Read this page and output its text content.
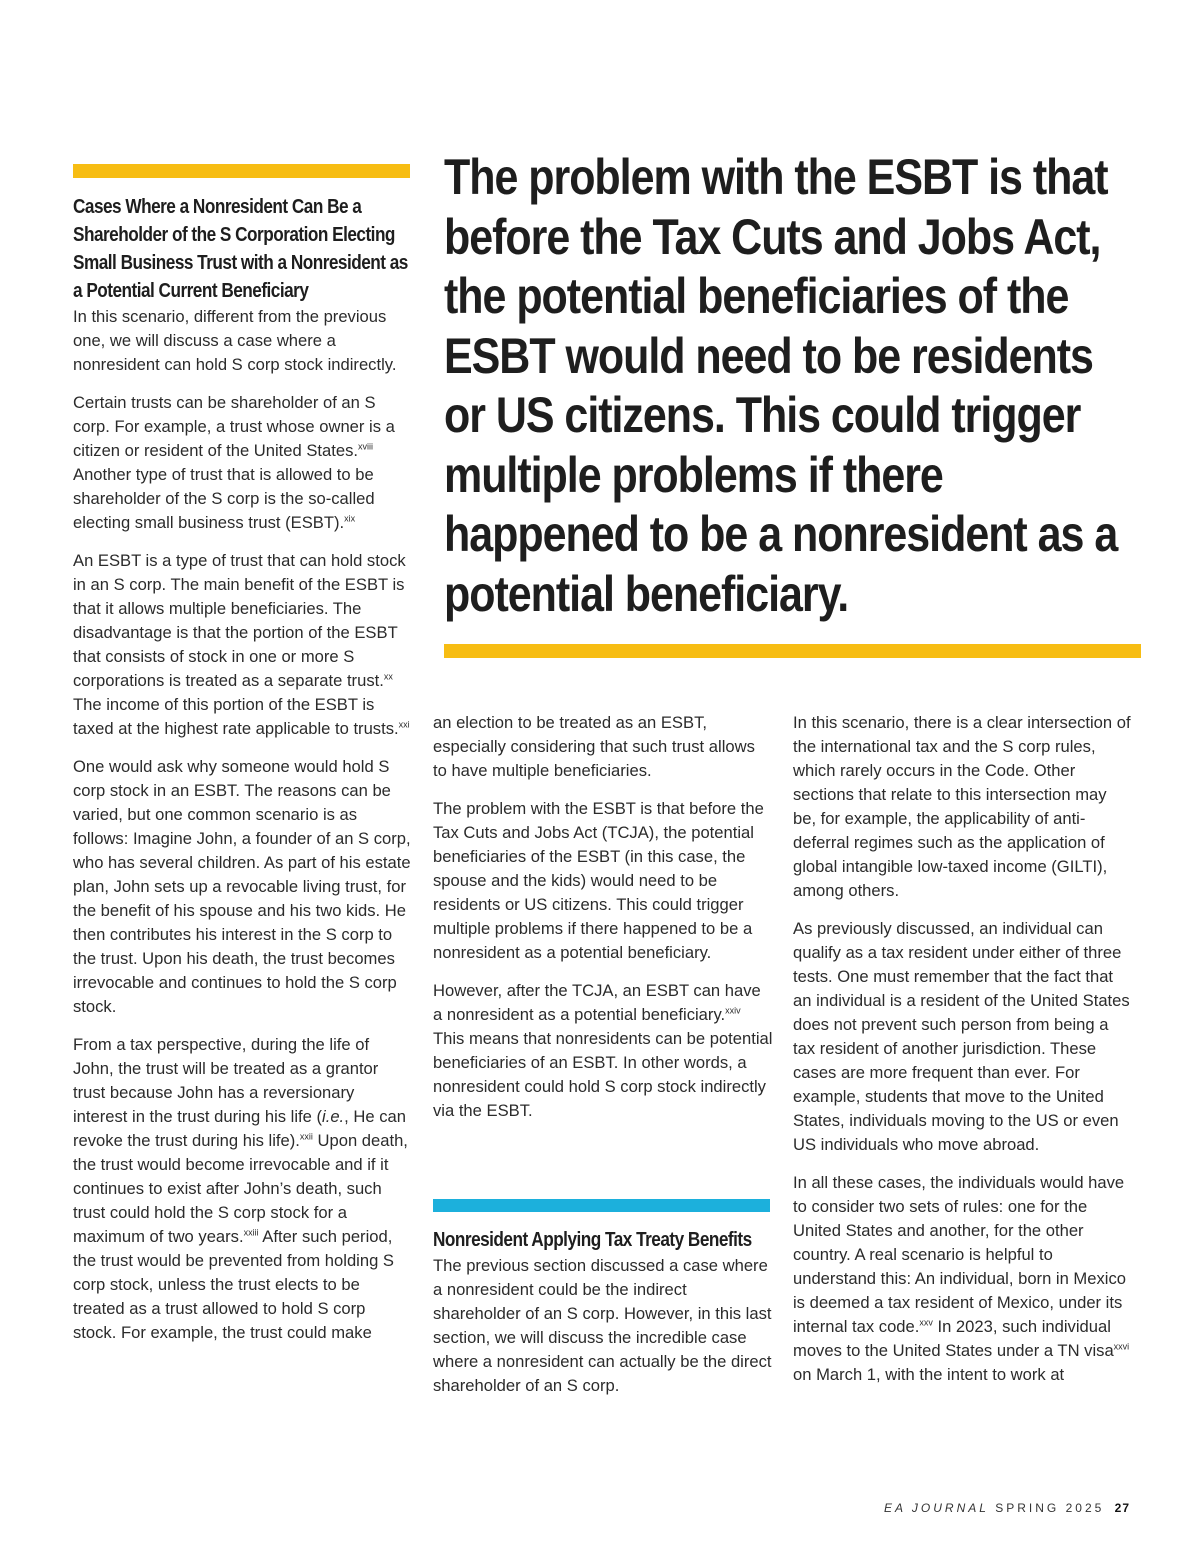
Cases Where a Nonresident Can Be a Shareholder of the S Corporation Electing Small Business Trust with a Nonresident as a Potential Current Beneficiary

In this scenario, different from the previous one, we will discuss a case where a nonresident can hold S corp stock indirectly.

Certain trusts can be shareholder of an S corp. For example, a trust whose owner is a citizen or resident of the United States.$^{xviii}$ Another type of trust that is allowed to be shareholder of the S corp is the so-called electing small business trust (ESBT).$^{xix}$

An ESBT is a type of trust that can hold stock in an S corp. The main benefit of the ESBT is that it allows multiple beneficiaries. The disadvantage is that the portion of the ESBT that consists of stock in one or more S corporations is treated as a separate trust.$^{xx}$ The income of this portion of the ESBT is taxed at the highest rate applicable to trusts.$^{xxi}$

One would ask why someone would hold S corp stock in an ESBT. The reasons can be varied, but one common scenario is as follows: Imagine John, a founder of an S corp, who has several children. As part of his estate plan, John sets up a revocable living trust, for the benefit of his spouse and his two kids. He then contributes his interest in the S corp to the trust. Upon his death, the trust becomes irrevocable and continues to hold the S corp stock.

From a tax perspective, during the life of John, the trust will be treated as a grantor trust because John has a reversionary interest in the trust during his life (i.e., He can revoke the trust during his life).$^{xxii}$ Upon death, the trust would become irrevocable and if it continues to exist after John’s death, such trust could hold the S corp stock for a maximum of two years.$^{xxiii}$ After such period, the trust would be prevented from holding S corp stock, unless the trust elects to be treated as a trust allowed to hold S corp stock. For example, the trust could make

The problem with the ESBT is that before the Tax Cuts and Jobs Act, the potential beneficiaries of the ESBT would need to be residents or US citizens. This could trigger multiple problems if there happened to be a nonresident as a potential beneficiary.

an election to be treated as an ESBT, especially considering that such trust allows to have multiple beneficiaries.

The problem with the ESBT is that before the Tax Cuts and Jobs Act (TCJA), the potential beneficiaries of the ESBT (in this case, the spouse and the kids) would need to be residents or US citizens. This could trigger multiple problems if there happened to be a nonresident as a potential beneficiary.

However, after the TCJA, an ESBT can have a nonresident as a potential beneficiary.$^{xxiv}$ This means that nonresidents can be potential beneficiaries of an ESBT. In other words, a nonresident could hold S corp stock indirectly via the ESBT.

Nonresident Applying Tax Treaty Benefits

The previous section discussed a case where a nonresident could be the indirect shareholder of an S corp. However, in this last section, we will discuss the incredible case where a nonresident can actually be the direct shareholder of an S corp.

In this scenario, there is a clear intersection of the international tax and the S corp rules, which rarely occurs in the Code. Other sections that relate to this intersection may be, for example, the applicability of anti-deferral regimes such as the application of global intangible low-taxed income (GILTI), among others.

As previously discussed, an individual can qualify as a tax resident under either of three tests. One must remember that the fact that an individual is a resident of the United States does not prevent such person from being a tax resident of another jurisdiction. These cases are more frequent than ever. For example, students that move to the United States, individuals moving to the US or even US individuals who move abroad.

In all these cases, the individuals would have to consider two sets of rules: one for the United States and another, for the other country. A real scenario is helpful to understand this: An individual, born in Mexico is deemed a tax resident of Mexico, under its internal tax code.$^{xxv}$ In 2023, such individual moves to the United States under a TN visa$^{xxvi}$ on March 1, with the intent to work at

EA JOURNAL SPRING 2025 27
